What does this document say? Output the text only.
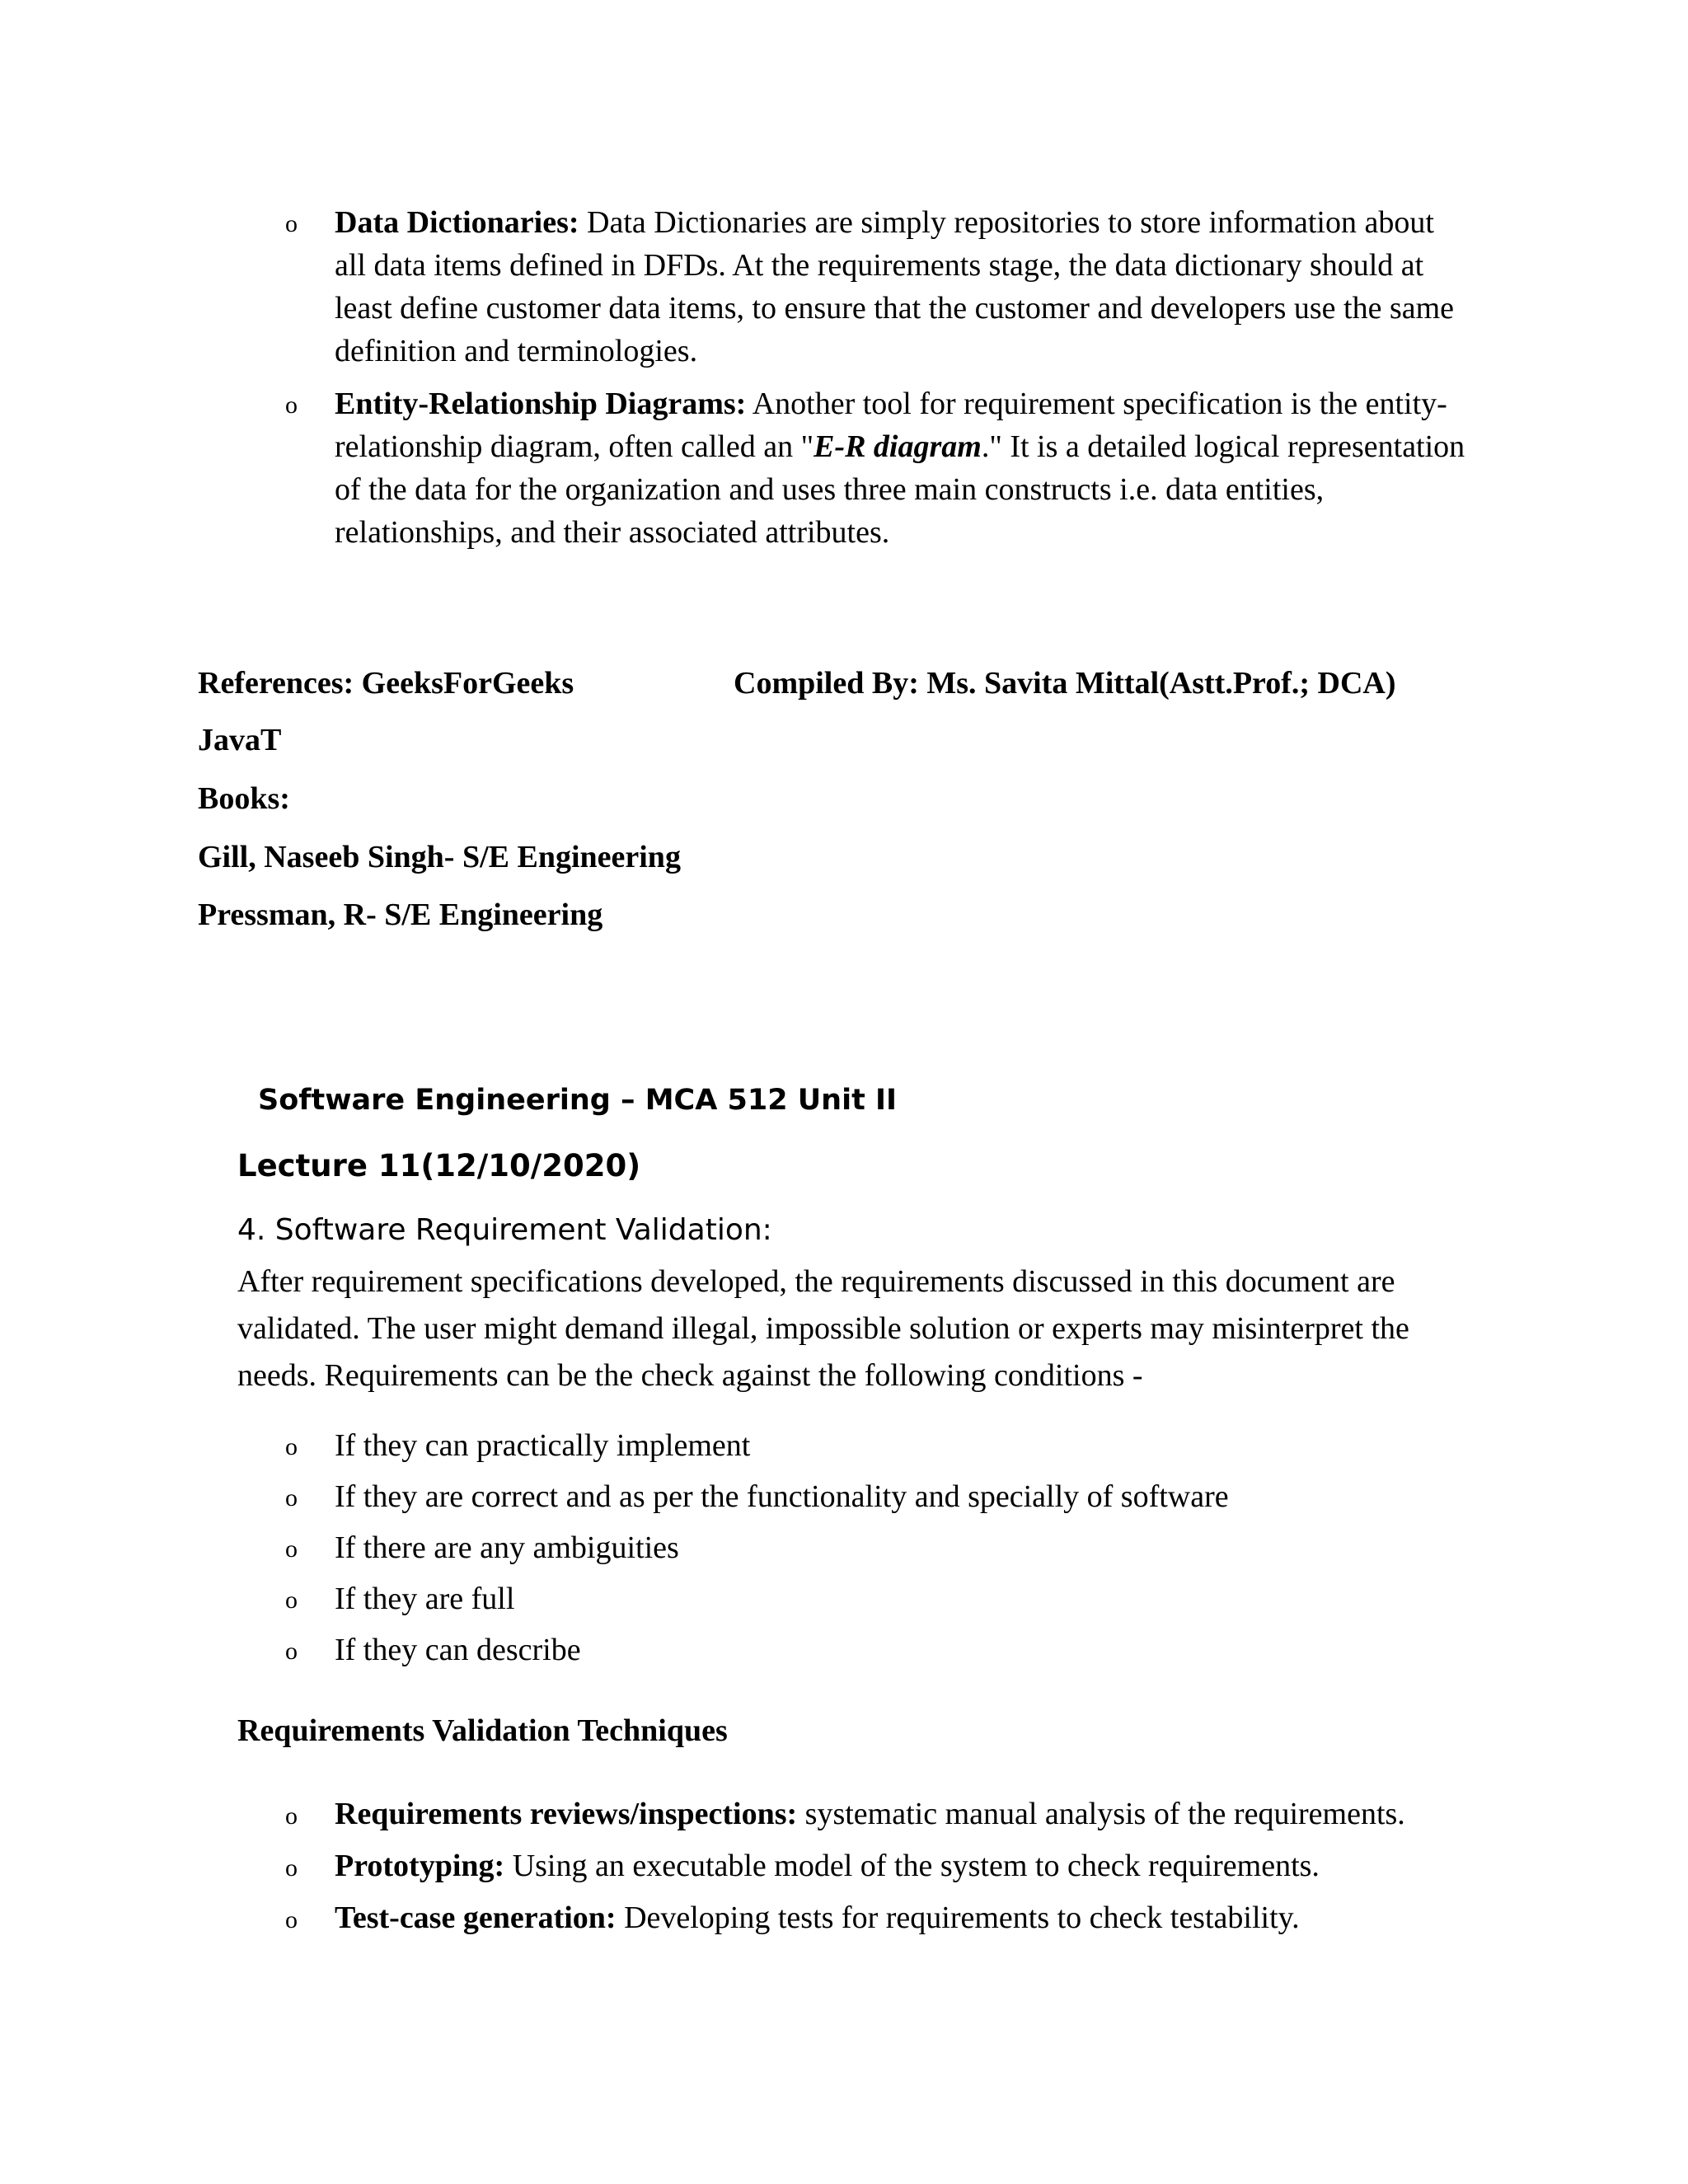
o Data Dictionaries: Data Dictionaries are simply repositories to store information about all data items defined in DFDs. At the requirements stage, the data dictionary should at least define customer data items, to ensure that the customer and developers use the same definition and terminologies.
o Entity-Relationship Diagrams: Another tool for requirement specification is the entity-relationship diagram, often called an "E-R diagram." It is a detailed logical representation of the data for the organization and uses three main constructs i.e. data entities, relationships, and their associated attributes.
References: GeeksForGeeks	Compiled By: Ms. Savita Mittal(Astt.Prof.; DCA)
JavaT
Books:
Gill, Naseeb Singh- S/E Engineering
Pressman, R- S/E Engineering
Software Engineering – MCA 512 Unit II
Lecture 11(12/10/2020)
4. Software Requirement Validation:
After requirement specifications developed, the requirements discussed in this document are validated. The user might demand illegal, impossible solution or experts may misinterpret the needs. Requirements can be the check against the following conditions -
o If they can practically implement
o If they are correct and as per the functionality and specially of software
o If there are any ambiguities
o If they are full
o If they can describe
Requirements Validation Techniques
o Requirements reviews/inspections: systematic manual analysis of the requirements.
o Prototyping: Using an executable model of the system to check requirements.
o Test-case generation: Developing tests for requirements to check testability.
